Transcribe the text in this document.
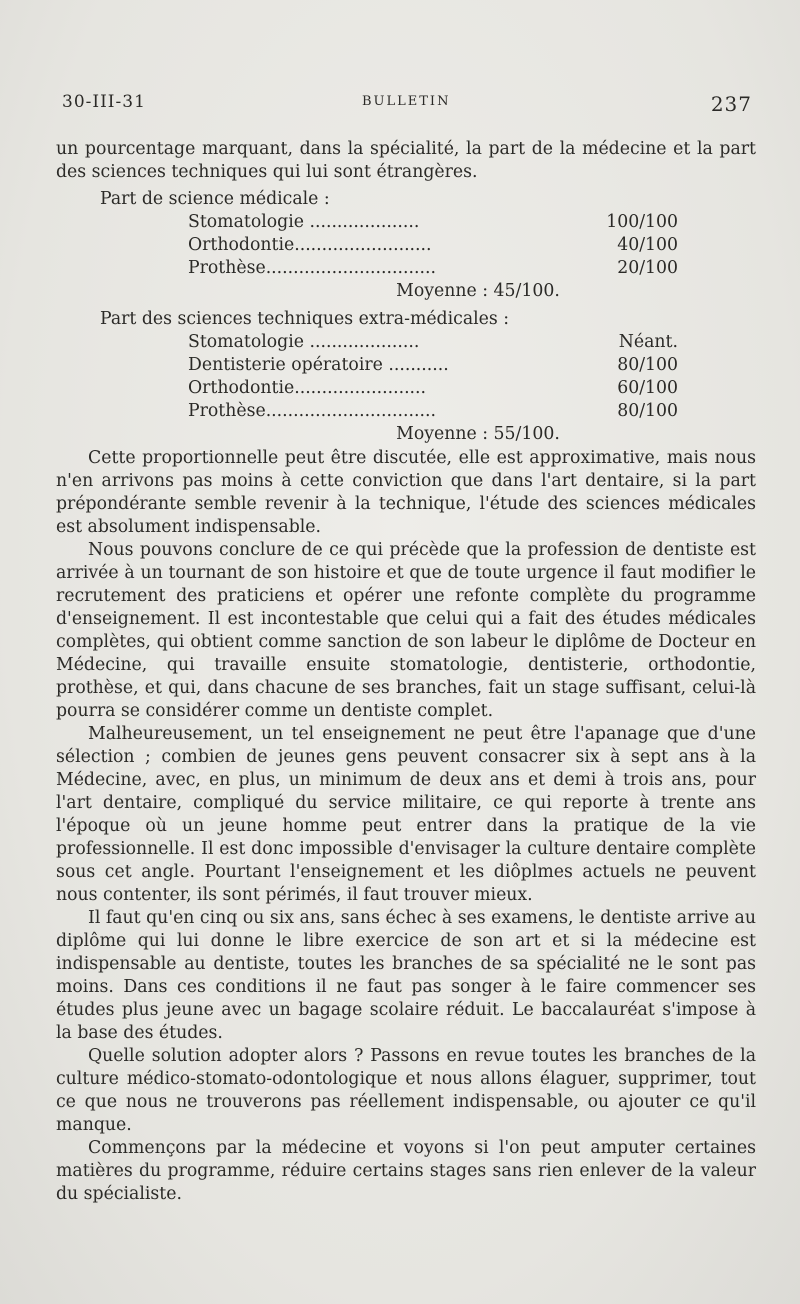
30-III-31	BULLETIN	237

un pourcentage marquant, dans la spécialité, la part de la médecine et la part des sciences techniques qui lui sont étrangères.

Part de science médicale :
Stomatologie ....................	100/100
Orthodontie.........................	40/100
Prothèse...............................	20/100
Moyenne : 45/100.
Part des sciences techniques extra-médicales :
Stomatologie ....................	Néant.
Dentisterie opératoire ...........	80/100
Orthodontie........................	60/100
Prothèse...............................	80/100
Moyenne : 55/100.

Cette proportionnelle peut être discutée, elle est approximative, mais nous n'en arrivons pas moins à cette conviction que dans l'art dentaire, si la part prépondérante semble revenir à la technique, l'étude des sciences médicales est absolument indispensable.

Nous pouvons conclure de ce qui précède que la profession de dentiste est arrivée à un tournant de son histoire et que de toute urgence il faut modifier le recrutement des praticiens et opérer une refonte complète du programme d'enseignement. Il est incontestable que celui qui a fait des études médicales complètes, qui obtient comme sanction de son labeur le diplôme de Docteur en Médecine, qui travaille ensuite stomatologie, dentisterie, orthodontie, prothèse, et qui, dans chacune de ses branches, fait un stage suffisant, celui-là pourra se considérer comme un dentiste complet.

Malheureusement, un tel enseignement ne peut être l'apanage que d'une sélection ; combien de jeunes gens peuvent consacrer six à sept ans à la Médecine, avec, en plus, un minimum de deux ans et demi à trois ans, pour l'art dentaire, compliqué du service militaire, ce qui reporte à trente ans l'époque où un jeune homme peut entrer dans la pratique de la vie professionnelle. Il est donc impossible d'envisager la culture dentaire complète sous cet angle. Pourtant l'enseignement et les diôplmes actuels ne peuvent nous contenter, ils sont périmés, il faut trouver mieux.

Il faut qu'en cinq ou six ans, sans échec à ses examens, le dentiste arrive au diplôme qui lui donne le libre exercice de son art et si la médecine est indispensable au dentiste, toutes les branches de sa spécialité ne le sont pas moins. Dans ces conditions il ne faut pas songer à le faire commencer ses études plus jeune avec un bagage scolaire réduit. Le baccalauréat s'impose à la base des études.

Quelle solution adopter alors ? Passons en revue toutes les branches de la culture médico-stomato-odontologique et nous allons élaguer, supprimer, tout ce que nous ne trouverons pas réellement indispensable, ou ajouter ce qu'il manque.

Commençons par la médecine et voyons si l'on peut amputer certaines matières du programme, réduire certains stages sans rien enlever de la valeur du spécialiste.
